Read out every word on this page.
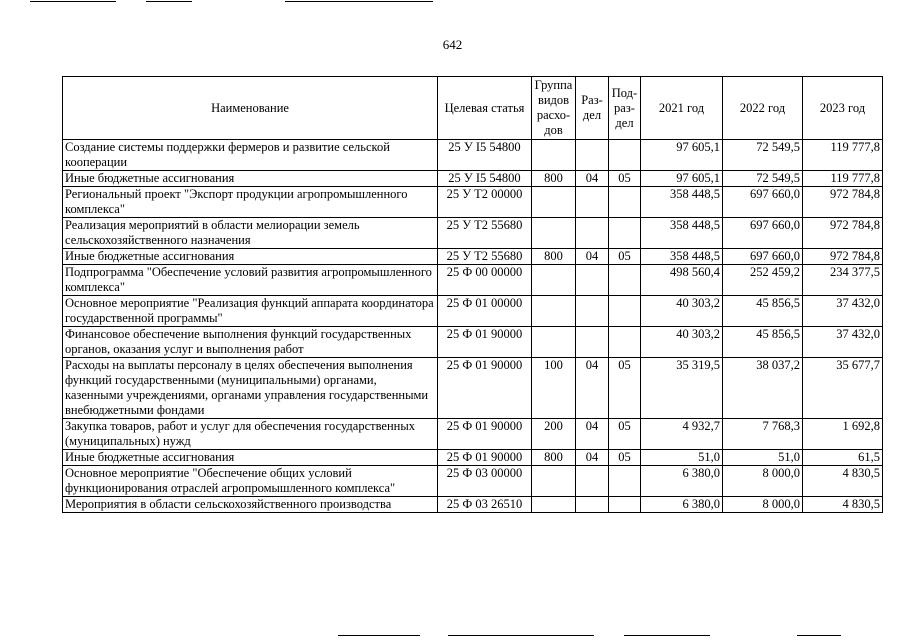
642
Наименование	Целевая статья	Группа видов расхо-дов	Раз-дел	Под-раз-дел	2021 год	2022 год	2023 год
Создание системы поддержки фермеров и развитие сельской кооперации	25 У I5 54800				97 605,1	72 549,5	119 777,8
Иные бюджетные ассигнования	25 У I5 54800	800	04	05	97 605,1	72 549,5	119 777,8
Региональный проект "Экспорт продукции агропромышленного комплекса"	25 У Т2 00000				358 448,5	697 660,0	972 784,8
Реализация мероприятий в области мелиорации земель сельскохозяйственного назначения	25 У Т2 55680				358 448,5	697 660,0	972 784,8
Иные бюджетные ассигнования	25 У Т2 55680	800	04	05	358 448,5	697 660,0	972 784,8
Подпрограмма "Обеспечение условий развития агропромышленного комплекса"	25 Ф 00 00000				498 560,4	252 459,2	234 377,5
Основное мероприятие "Реализация функций аппарата координатора государственной программы"	25 Ф 01 00000				40 303,2	45 856,5	37 432,0
Финансовое обеспечение выполнения функций государственных органов, оказания услуг и выполнения работ	25 Ф 01 90000				40 303,2	45 856,5	37 432,0
Расходы на выплаты персоналу в целях обеспечения выполнения функций государственными (муниципальными) органами, казенными учреждениями, органами управления государственными внебюджетными фондами	25 Ф 01 90000	100	04	05	35 319,5	38 037,2	35 677,7
Закупка товаров, работ и услуг для обеспечения государственных (муниципальных) нужд	25 Ф 01 90000	200	04	05	4 932,7	7 768,3	1 692,8
Иные бюджетные ассигнования	25 Ф 01 90000	800	04	05	51,0	51,0	61,5
Основное мероприятие "Обеспечение общих условий функционирования отраслей агропромышленного комплекса"	25 Ф 03 00000				6 380,0	8 000,0	4 830,5
Мероприятия в области сельскохозяйственного производства	25 Ф 03 26510				6 380,0	8 000,0	4 830,5
